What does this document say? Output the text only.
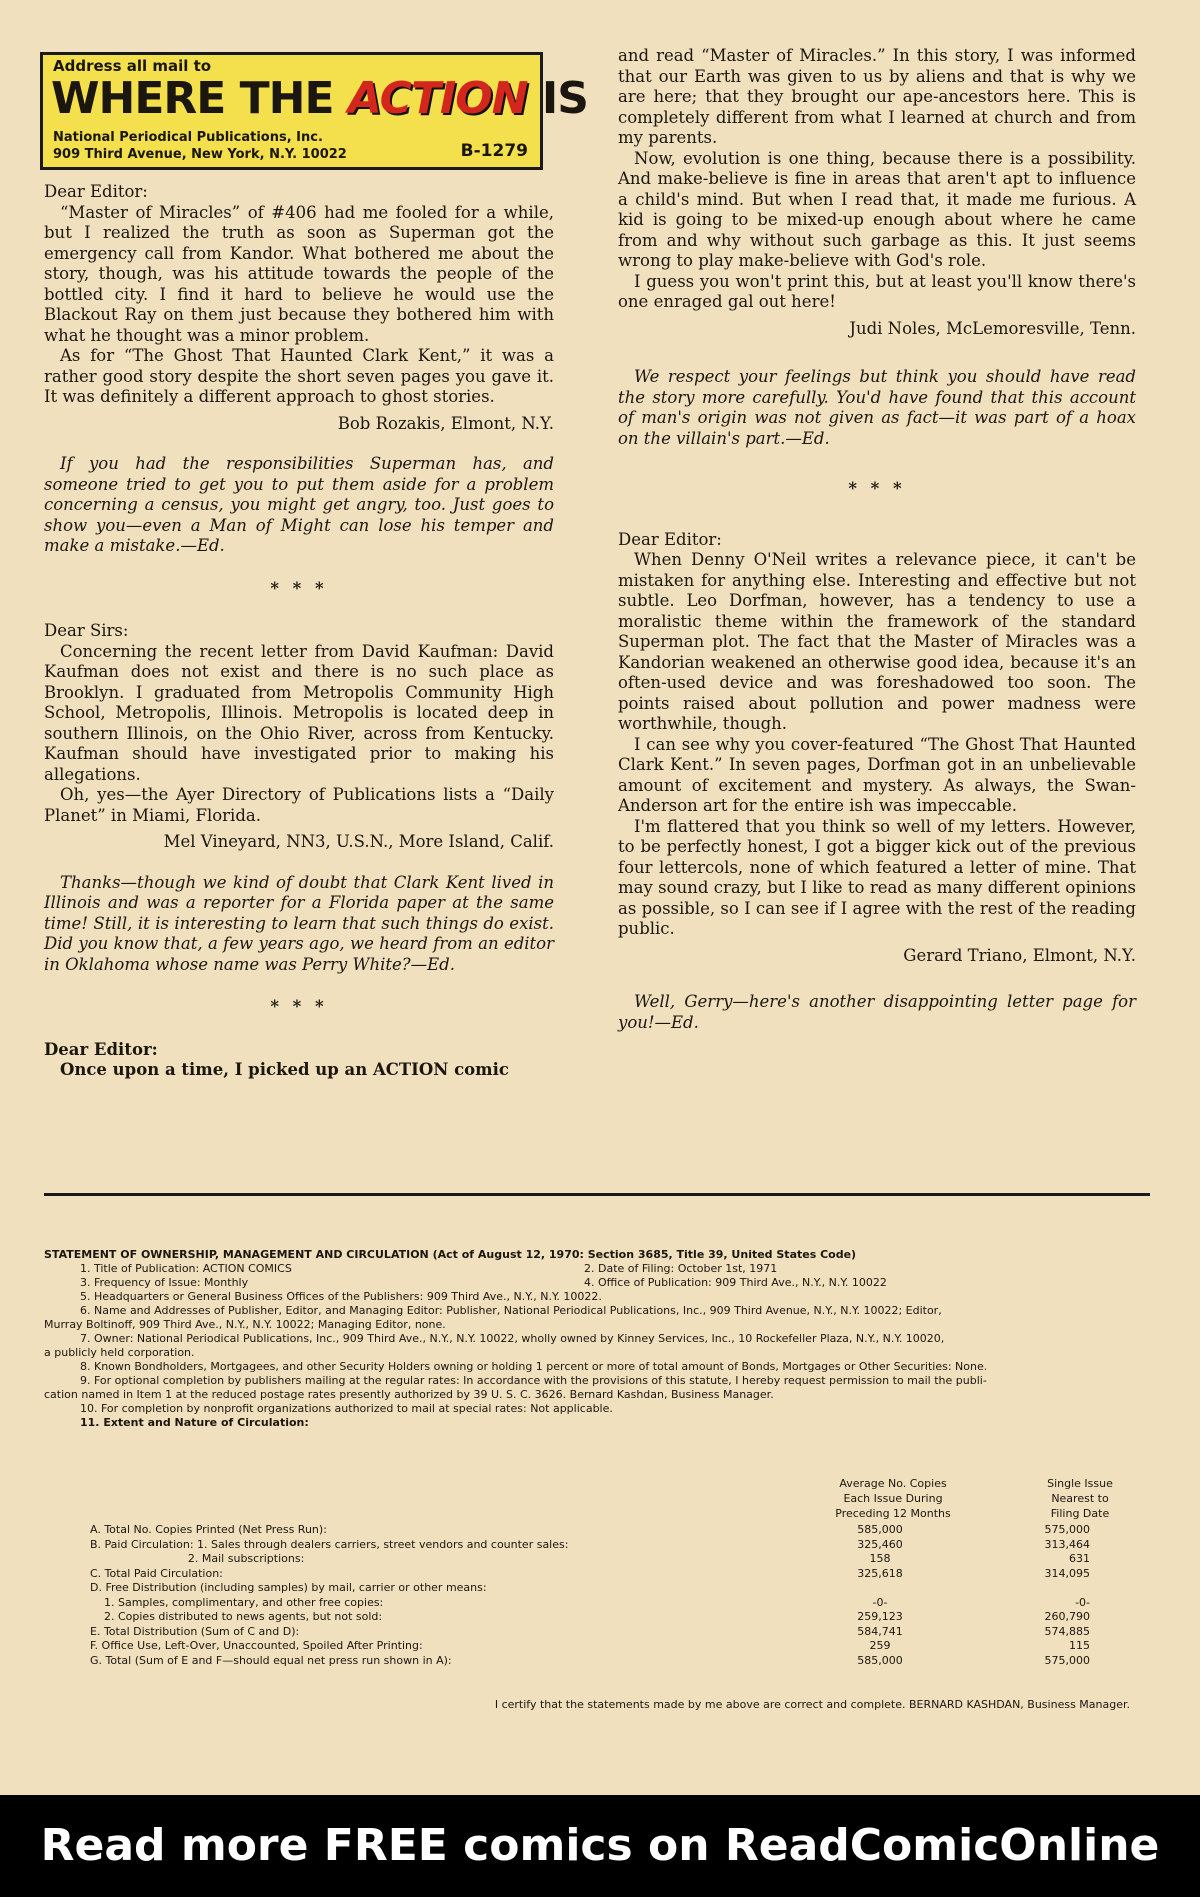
Address all mail to
WHERE THE ACTION IS
National Periodical Publications, Inc.
909 Third Avenue, New York, N.Y. 10022	B-1279

Dear Editor:

“Master of Miracles” of #406 had me fooled for a while, but I realized the truth as soon as Superman got the emergency call from Kandor. What bothered me about the story, though, was his attitude towards the people of the bottled city. I find it hard to believe he would use the Blackout Ray on them just because they bothered him with what he thought was a minor problem.

As for “The Ghost That Haunted Clark Kent,” it was a rather good story despite the short seven pages you gave it. It was definitely a different approach to ghost stories.

Bob Rozakis, Elmont, N.Y.

If you had the responsibilities Superman has, and someone tried to get you to put them aside for a problem concerning a census, you might get angry, too. Just goes to show you—even a Man of Might can lose his temper and make a mistake.—Ed.

* * *

Dear Sirs:

Concerning the recent letter from David Kaufman: David Kaufman does not exist and there is no such place as Brooklyn. I graduated from Metropolis Community High School, Metropolis, Illinois. Metropolis is located deep in southern Illinois, on the Ohio River, across from Kentucky. Kaufman should have investigated prior to making his allegations.

Oh, yes—the Ayer Directory of Publications lists a “Daily Planet” in Miami, Florida.

Mel Vineyard, NN3, U.S.N., More Island, Calif.

Thanks—though we kind of doubt that Clark Kent lived in Illinois and was a reporter for a Florida paper at the same time! Still, it is interesting to learn that such things do exist. Did you know that, a few years ago, we heard from an editor in Oklahoma whose name was Perry White?—Ed.

* * *

Dear Editor:

Once upon a time, I picked up an ACTION comic

and read “Master of Miracles.” In this story, I was informed that our Earth was given to us by aliens and that is why we are here; that they brought our ape-ancestors here. This is completely different from what I learned at church and from my parents.

Now, evolution is one thing, because there is a possibility. And make-believe is fine in areas that aren't apt to influence a child's mind. But when I read that, it made me furious. A kid is going to be mixed-up enough about where he came from and why without such garbage as this. It just seems wrong to play make-believe with God's role.

I guess you won't print this, but at least you'll know there's one enraged gal out here!

Judi Noles, McLemoresville, Tenn.

We respect your feelings but think you should have read the story more carefully. You'd have found that this account of man's origin was not given as fact—it was part of a hoax on the villain's part.—Ed.

* * *

Dear Editor:

When Denny O'Neil writes a relevance piece, it can't be mistaken for anything else. Interesting and effective but not subtle. Leo Dorfman, however, has a tendency to use a moralistic theme within the framework of the standard Superman plot. The fact that the Master of Miracles was a Kandorian weakened an otherwise good idea, because it's an often-used device and was foreshadowed too soon. The points raised about pollution and power madness were worthwhile, though.

I can see why you cover-featured “The Ghost That Haunted Clark Kent.” In seven pages, Dorfman got in an unbelievable amount of excitement and mystery. As always, the Swan-Anderson art for the entire ish was impeccable.

I'm flattered that you think so well of my letters. However, to be perfectly honest, I got a bigger kick out of the previous four lettercols, none of which featured a letter of mine. That may sound crazy, but I like to read as many different opinions as possible, so I can see if I agree with the rest of the reading public.

Gerard Triano, Elmont, N.Y.

Well, Gerry—here's another disappointing letter page for you!—Ed.

STATEMENT OF OWNERSHIP, MANAGEMENT AND CIRCULATION (Act of August 12, 1970: Section 3685, Title 39, United States Code)
1. Title of Publication: ACTION COMICS	2. Date of Filing: October 1st, 1971
3. Frequency of Issue: Monthly	4. Office of Publication: 909 Third Ave., N.Y., N.Y. 10022
5. Headquarters or General Business Offices of the Publishers: 909 Third Ave., N.Y., N.Y. 10022.
6. Name and Addresses of Publisher, Editor, and Managing Editor: Publisher, National Periodical Publications, Inc., 909 Third Avenue, N.Y., N.Y. 10022; Editor,
Murray Boltinoff, 909 Third Ave., N.Y., N.Y. 10022; Managing Editor, none.
7. Owner: National Periodical Publications, Inc., 909 Third Ave., N.Y., N.Y. 10022, wholly owned by Kinney Services, Inc., 10 Rockefeller Plaza, N.Y., N.Y. 10020,
a publicly held corporation.
8. Known Bondholders, Mortgagees, and other Security Holders owning or holding 1 percent or more of total amount of Bonds, Mortgages or Other Securities: None.
9. For optional completion by publishers mailing at the regular rates: In accordance with the provisions of this statute, I hereby request permission to mail the publi-
cation named in Item 1 at the reduced postage rates presently authorized by 39 U. S. C. 3626. Bernard Kashdan, Business Manager.
10. For completion by nonprofit organizations authorized to mail at special rates: Not applicable.
11. Extent and Nature of Circulation:
Average No. Copies
Each Issue During
Preceding 12 Months
Single Issue
Nearest to
Filing Date
A. Total No. Copies Printed (Net Press Run):	585,000	575,000
B. Paid Circulation: 1. Sales through dealers carriers, street vendors and counter sales:	325,460	313,464
2. Mail subscriptions:	158	631
C. Total Paid Circulation:	325,618	314,095
D. Free Distribution (including samples) by mail, carrier or other means:
1. Samples, complimentary, and other free copies:	-0-	-0-
2. Copies distributed to news agents, but not sold:	259,123	260,790
E. Total Distribution (Sum of C and D):	584,741	574,885
F. Office Use, Left-Over, Unaccounted, Spoiled After Printing:	259	115
G. Total (Sum of E and F—should equal net press run shown in A):	585,000	575,000
I certify that the statements made by me above are correct and complete. BERNARD KASHDAN, Business Manager.
Read more FREE comics on ReadComicOnline
